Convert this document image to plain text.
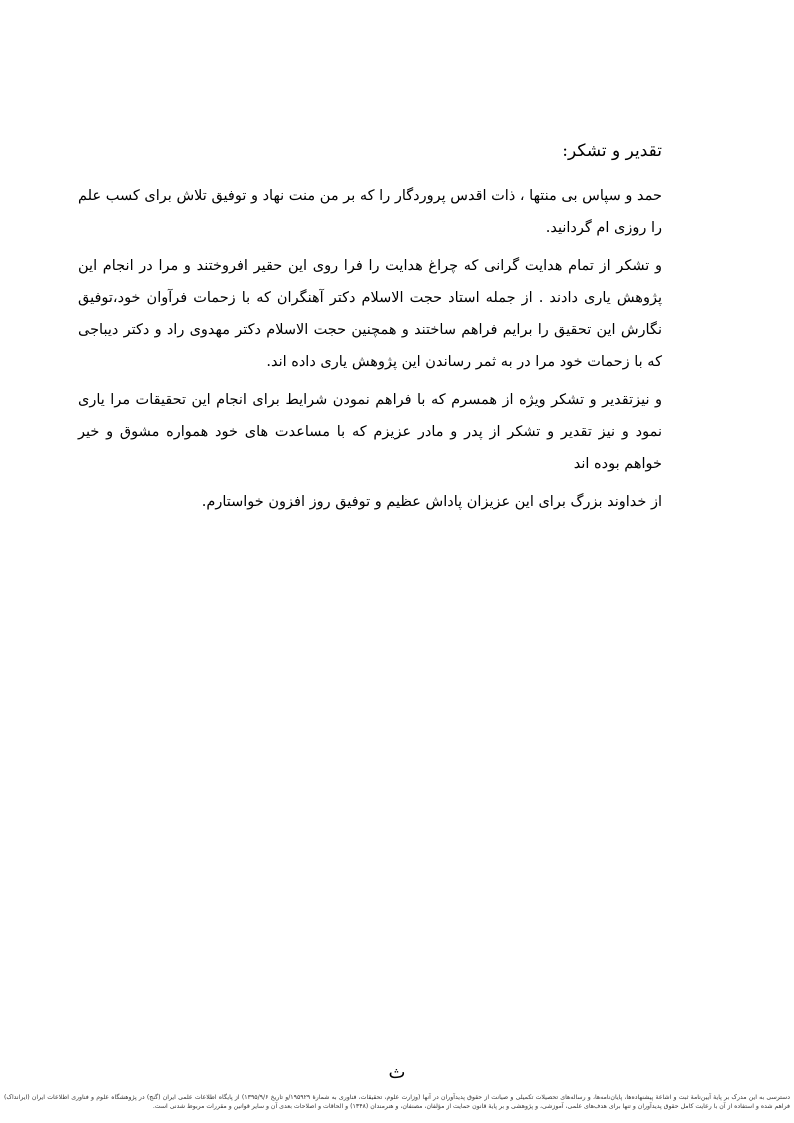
تقدیر و تشکر:

حمد و سپاس بی منتها ، ذات اقدس پروردگار را که بر من منت نهاد و توفیق تلاش برای کسب علم را روزی ام گردانید.

و تشکر از تمام هدایت گرانی که چراغ هدایت را فرا روی این حقیر افروختند و مرا در انجام این پژوهش یاری دادند . از جمله استاد حجت الاسلام دکتر آهنگران که با زحمات فرآوان خود،توفیق نگارش این تحقیق را برایم فراهم ساختند و همچنین حجت الاسلام دکتر مهدوی راد و دکتر دیباجی که با زحمات خود مرا در به ثمر رساندن این پژوهش یاری داده اند.

و نیزتقدیر و تشکر ویژه از همسرم که با فراهم نمودن شرایط برای انجام این تحقیقات مرا یاری نمود و نیز تقدیر و تشکر از پدر و مادر عزیزم که با مساعدت های خود همواره مشوق و خیر خواهم بوده اند

از خداوند بزرگ برای این عزیزان پاداش عظیم و توفیق روز افزون خواستارم.

ث
دسترسی به این مدرک بر پایهٔ آیین‌نامهٔ ثبت و اشاعهٔ پیشنهاده‌ها، پایان‌نامه‌ها، و رساله‌های تحصیلات تکمیلی و صیانت از حقوق پدیدآوران در آنها (وزارت علوم، تحقیقات، فناوری به شمارهٔ ۱۹۵۹۲۹/و تاریخ ۱۳۹۵/۹/۶) از پایگاه اطلاعات علمی ایران (گنج) در پژوهشگاه علوم و فناوری اطلاعات ایران (ایرانداک) فراهم شده و استفاده از آن با رعایت کامل حقوق پدیدآوران و تنها برای هدف‌های علمی، آموزشی، و پژوهشی و بر پایهٔ قانون حمایت از مؤلفان، مصنفان، و هنرمندان (۱۳۴۸) و الحاقات و اصلاحات بعدی آن و سایر قوانین و مقررات مربوط شدنی است.
